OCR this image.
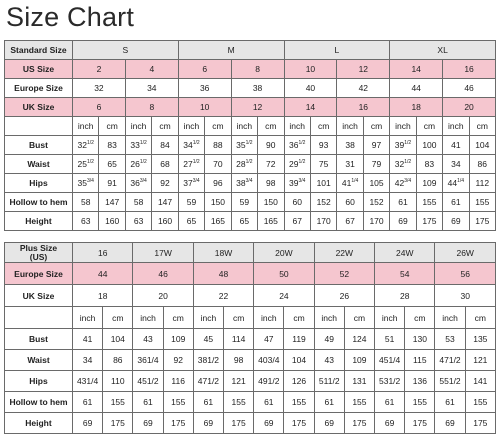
Size Chart
Standard Size	S				M				L				XL			
US Size	2		4		6		8		10		12		14		16	
Europe Size	32		34		36		38		40		42		44		46	
UK Size	6		8		10		12		14		16		18		20	
	inch	cm	inch	cm	inch	cm	inch	cm	inch	cm	inch	cm	inch	cm	inch	cm
Bust	$32^{1/2}$	83	$33^{1/2}$	84	$34^{1/2}$	88	$35^{1/2}$	90	$36^{1/2}$	93	38	97	$39^{1/2}$	100	41	104
Waist	$25^{1/2}$	65	$26^{1/2}$	68	$27^{1/2}$	70	$28^{1/2}$	72	$29^{1/2}$	75	31	79	$32^{1/2}$	83	34	86
Hips	$35^{3/4}$	91	$36^{3/4}$	92	$37^{3/4}$	96	$38^{3/4}$	98	$39^{3/4}$	101	$41^{1/4}$	105	$42^{3/4}$	109	$44^{1/4}$	112
Hollow to hem	58	147	58	147	59	150	59	150	60	152	60	152	61	155	61	155
Height	63	160	63	160	65	165	65	165	67	170	67	170	69	175	69	175
Plus Size
(US)	16		17W		18W		20W		22W		24W		26W	
Europe Size	44		46		48		50		52		54		56	
UK Size	18		20		22		24		26		28		30	
	inch	cm	inch	cm	inch	cm	inch	cm	inch	cm	inch	cm	inch	cm
Bust	41	104	43	109	45	114	47	119	49	124	51	130	53	135
Waist	34	86	361/4	92	381/2	98	403/4	104	43	109	451/4	115	471/2	121
Hips	431/4	110	451/2	116	471/2	121	491/2	126	511/2	131	531/2	136	551/2	141
Hollow to hem	61	155	61	155	61	155	61	155	61	155	61	155	61	155
Height	69	175	69	175	69	175	69	175	69	175	69	175	69	175
